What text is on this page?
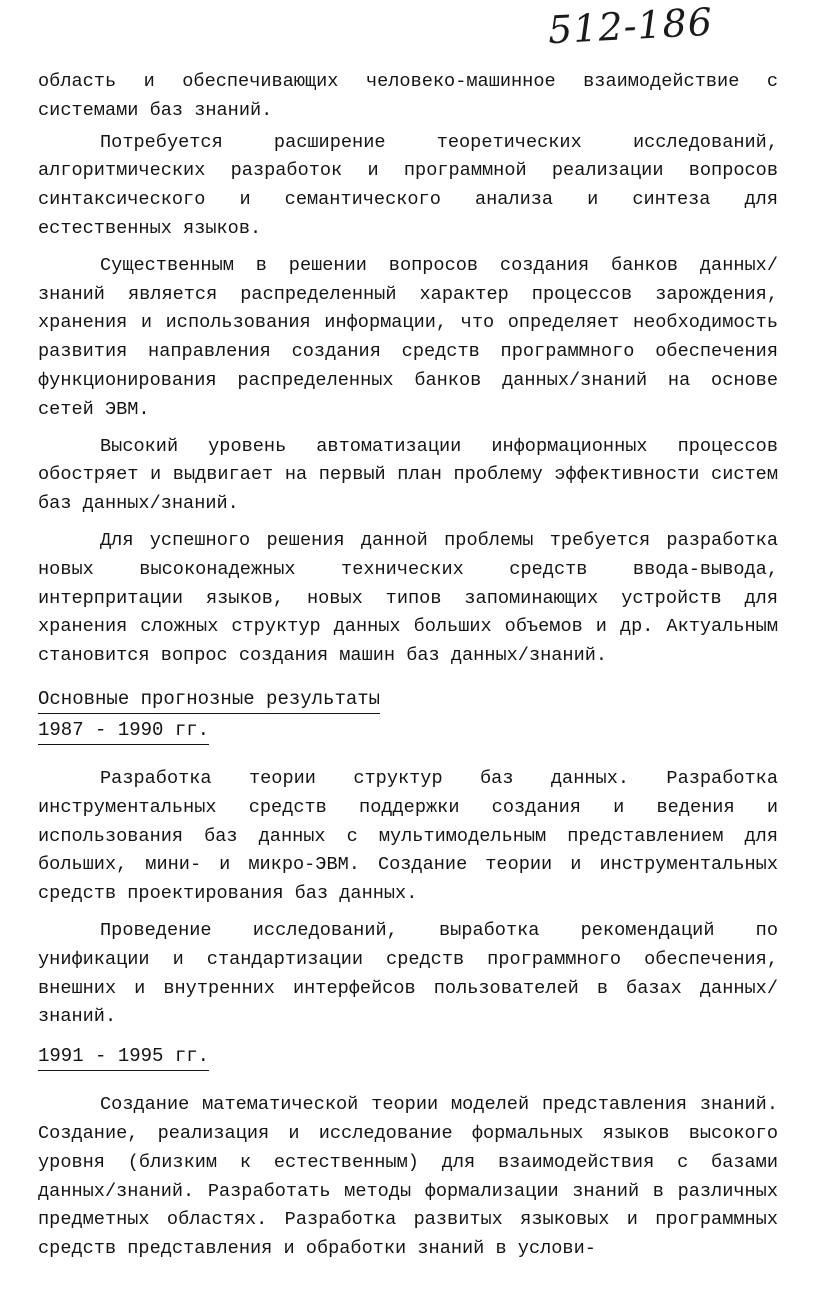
512-186

область и обеспечивающих человеко-машинное взаимодействие с системами баз знаний.

Потребуется расширение теоретических исследований, алгоритмических разработок и программной реализации вопросов синтаксического и семантического анализа и синтеза для естественных языков.

Существенным в решении вопросов создания банков данных/знаний является распределенный характер процессов зарождения, хранения и использования информации, что определяет необходимость развития направления создания средств программного обеспечения функционирования распределенных банков данных/знаний на основе сетей ЭВМ.

Высокий уровень автоматизации информационных процессов обостряет и выдвигает на первый план проблему эффективности систем баз данных/знаний.

Для успешного решения данной проблемы требуется разработка новых высоконадежных технических средств ввода-вывода, интерпритации языков, новых типов запоминающих устройств для хранения сложных структур данных больших объемов и др. Актуальным становится вопрос создания машин баз данных/знаний.

Основные прогнозные результаты
1987 - 1990 гг.

Разработка теории структур баз данных. Разработка инструментальных средств поддержки создания и ведения и использования баз данных с мультимодельным представлением для больших, мини- и микро-ЭВМ. Создание теории и инструментальных средств проектирования баз данных.

Проведение исследований, выработка рекомендаций по унификации и стандартизации средств программного обеспечения, внешних и внутренних интерфейсов пользователей в базах данных/знаний.

1991 - 1995 гг.

Создание математической теории моделей представления знаний. Создание, реализация и исследование формальных языков высокого уровня (близким к естественным) для взаимодействия с базами данных/знаний. Разработать методы формализации знаний в различных предметных областях. Разработка развитых языковых и программных средств представления и обработки знаний в услови-
